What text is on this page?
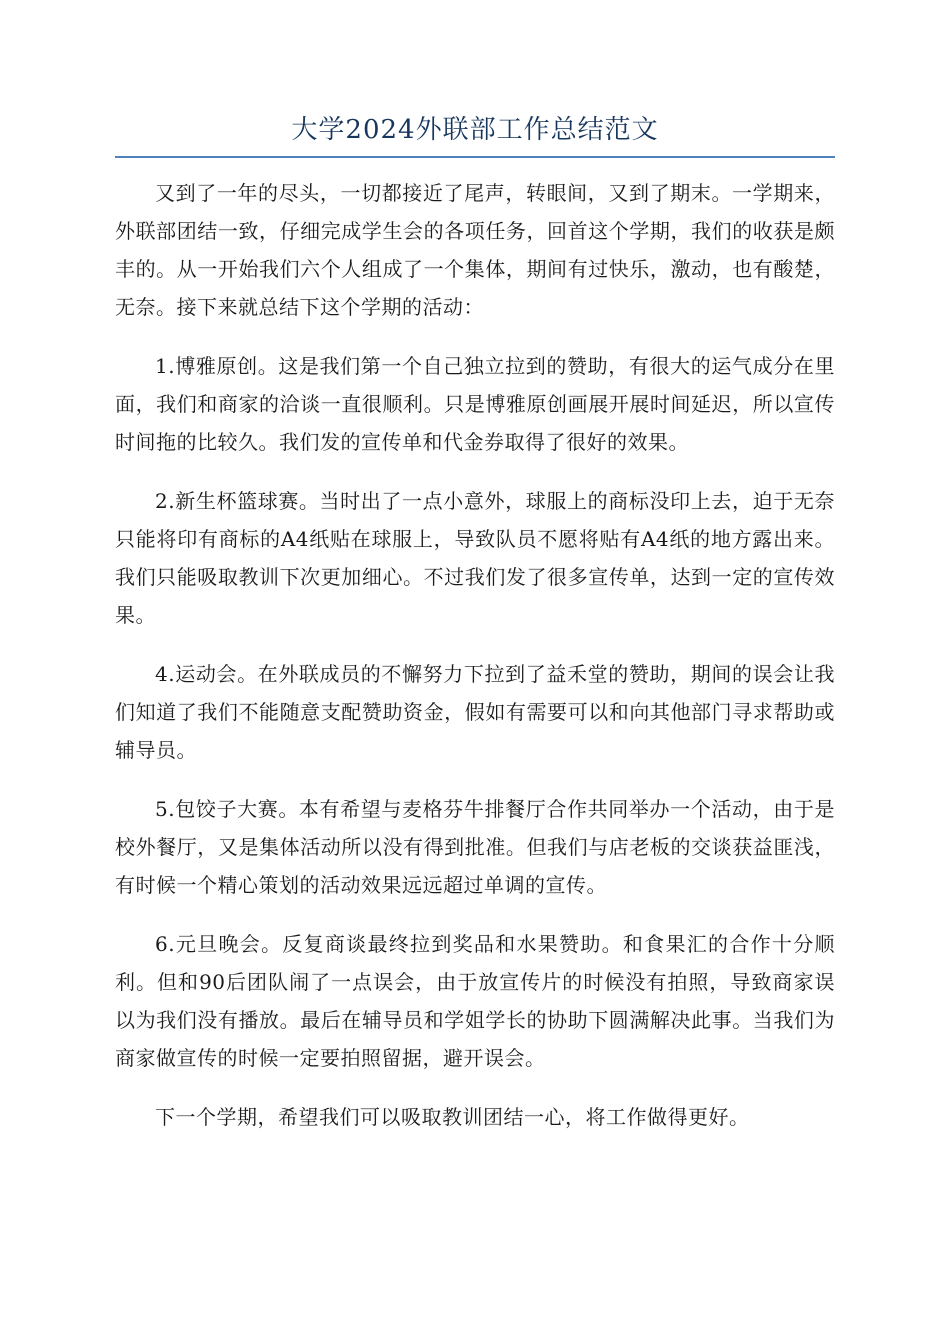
大学2024外联部工作总结范文

又到了一年的尽头，一切都接近了尾声，转眼间，又到了期末。一学期来，外联部团结一致，仔细完成学生会的各项任务，回首这个学期，我们的收获是颇丰的。从一开始我们六个人组成了一个集体，期间有过快乐，激动，也有酸楚，无奈。接下来就总结下这个学期的活动：

1.博雅原创。这是我们第一个自己独立拉到的赞助，有很大的运气成分在里面，我们和商家的洽谈一直很顺利。只是博雅原创画展开展时间延迟，所以宣传时间拖的比较久。我们发的宣传单和代金券取得了很好的效果。

2.新生杯篮球赛。当时出了一点小意外，球服上的商标没印上去，迫于无奈只能将印有商标的A4纸贴在球服上，导致队员不愿将贴有A4纸的地方露出来。我们只能吸取教训下次更加细心。不过我们发了很多宣传单，达到一定的宣传效果。

4.运动会。在外联成员的不懈努力下拉到了益禾堂的赞助，期间的误会让我们知道了我们不能随意支配赞助资金，假如有需要可以和向其他部门寻求帮助或辅导员。

5.包饺子大赛。本有希望与麦格芬牛排餐厅合作共同举办一个活动，由于是校外餐厅，又是集体活动所以没有得到批准。但我们与店老板的交谈获益匪浅，有时候一个精心策划的活动效果远远超过单调的宣传。

6.元旦晚会。反复商谈最终拉到奖品和水果赞助。和食果汇的合作十分顺利。但和90后团队闹了一点误会，由于放宣传片的时候没有拍照，导致商家误以为我们没有播放。最后在辅导员和学姐学长的协助下圆满解决此事。当我们为商家做宣传的时候一定要拍照留据，避开误会。

下一个学期，希望我们可以吸取教训团结一心，将工作做得更好。
